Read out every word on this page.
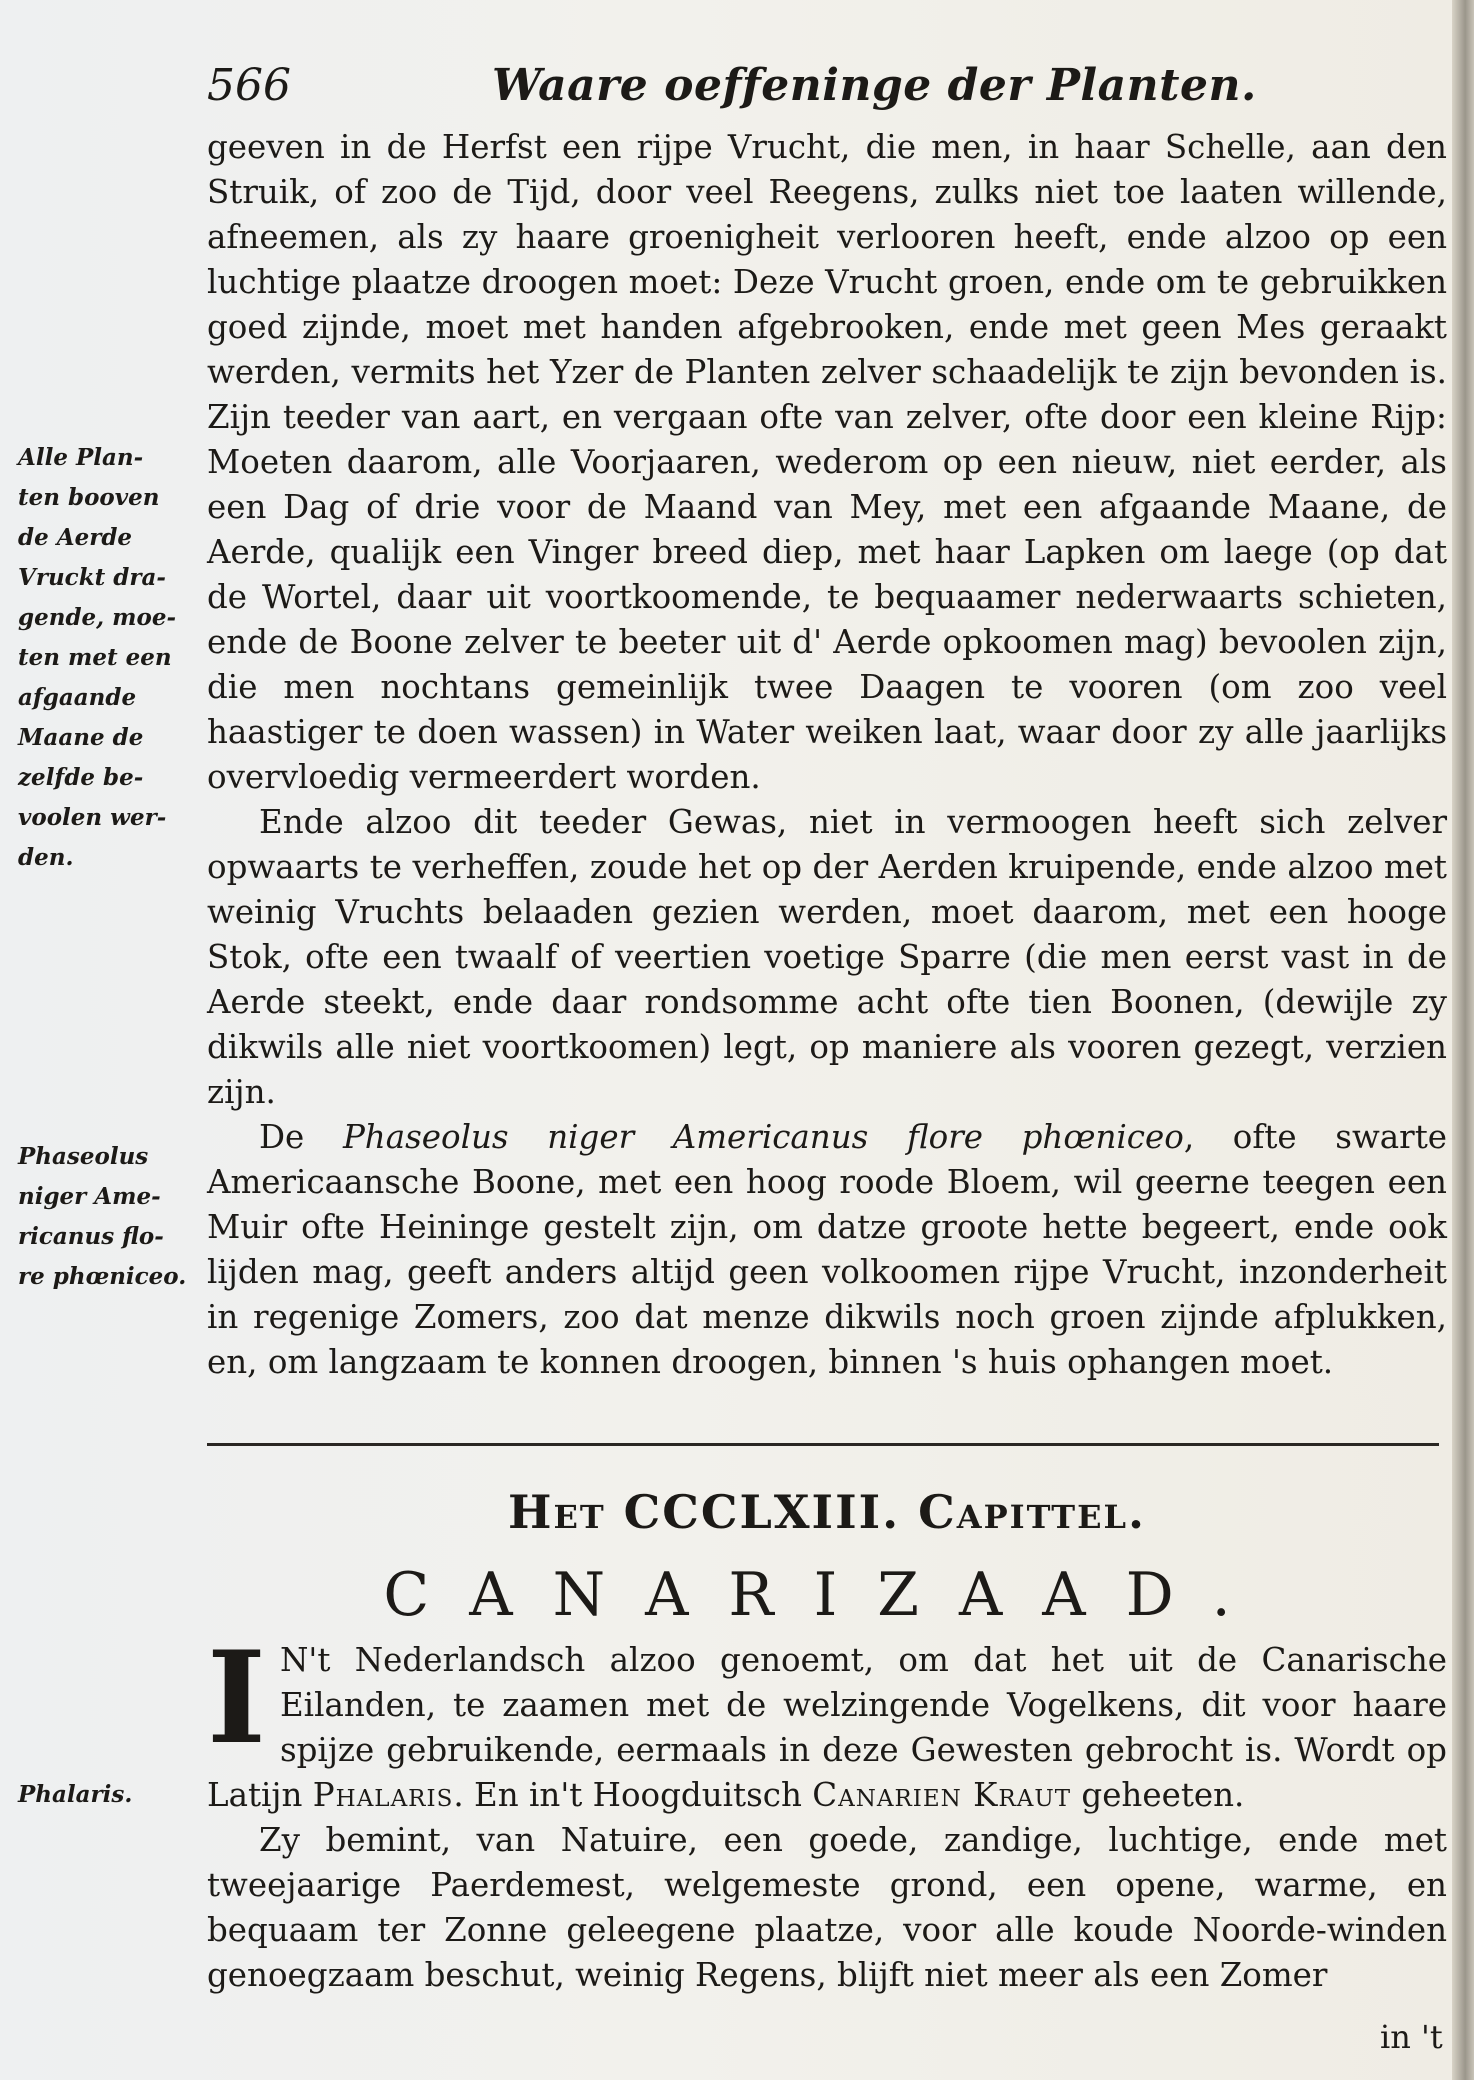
566	Waare oeffeninge der Planten.
Alle Plan-
ten booven
de Aerde
Vruckt dra-
gende, moe-
ten met een
afgaande
Maane de
zelfde be-
voolen wer-
den.
Phaseolus
niger Ame-
ricanus flo-
re phœniceo.
Phalaris.

geeven in de Herfst een rijpe Vrucht, die men, in haar Schelle, aan den Struik, of zoo de Tijd, door veel Reegens, zulks niet toe laaten willende, afneemen, als zy haare groenigheit verlooren heeft, ende alzoo op een luchtige plaatze droogen moet: Deze Vrucht groen, ende om te gebruikken goed zijnde, moet met handen afgebrooken, ende met geen Mes geraakt werden, vermits het Yzer de Planten zelver schaadelijk te zijn bevonden is. Zijn teeder van aart, en vergaan ofte van zelver, ofte door een kleine Rijp: Moeten daarom, alle Voorjaaren, wederom op een nieuw, niet eerder, als een Dag of drie voor de Maand van Mey, met een afgaande Maane, de Aerde, qualijk een Vinger breed diep, met haar Lapken om laege (op dat de Wortel, daar uit voortkoomende, te bequaamer nederwaarts schieten, ende de Boone zelver te beeter uit d' Aerde opkoomen mag) bevoolen zijn, die men nochtans gemeinlijk twee Daagen te vooren (om zoo veel haastiger te doen wassen) in Water weiken laat, waar door zy alle jaarlijks overvloedig vermeerdert worden.

Ende alzoo dit teeder Gewas, niet in vermoogen heeft sich zelver opwaarts te verheffen, zoude het op der Aerden kruipende, ende alzoo met weinig Vruchts belaaden gezien werden, moet daarom, met een hooge Stok, ofte een twaalf of veertien voetige Sparre (die men eerst vast in de Aerde steekt, ende daar rondsomme acht ofte tien Boonen, (dewijle zy dikwils alle niet voortkoomen) legt, op maniere als vooren gezegt, verzien zijn.

De Phaseolus niger Americanus flore phœniceo, ofte swarte Americaansche Boone, met een hoog roode Bloem, wil geerne teegen een Muir ofte Heininge gestelt zijn, om datze groote hette begeert, ende ook lijden mag, geeft anders altijd geen volkoomen rijpe Vrucht, inzonderheit in regenige Zomers, zoo dat menze dikwils noch groen zijnde afplukken, en, om langzaam te konnen droogen, binnen 's huis ophangen moet.

Het CCCLXIII. Capittel.
CANARIZAAD.

I N't Nederlandsch alzoo genoemt, om dat het uit de Canarische Eilanden, te zaamen met de welzingende Vogelkens, dit voor haare spijze gebruikende, eermaals in deze Gewesten gebrocht is. Wordt op Latijn Phalaris. En in't Hoogduitsch Canarien Kraut geheeten.

Zy bemint, van Natuire, een goede, zandige, luchtige, ende met tweejaarige Paerdemest, welgemeste grond, een opene, warme, en bequaam ter Zonne geleegene plaatze, voor alle koude Noorde-winden genoegzaam beschut, weinig Regens, blijft niet meer als een Zomer

in 't
